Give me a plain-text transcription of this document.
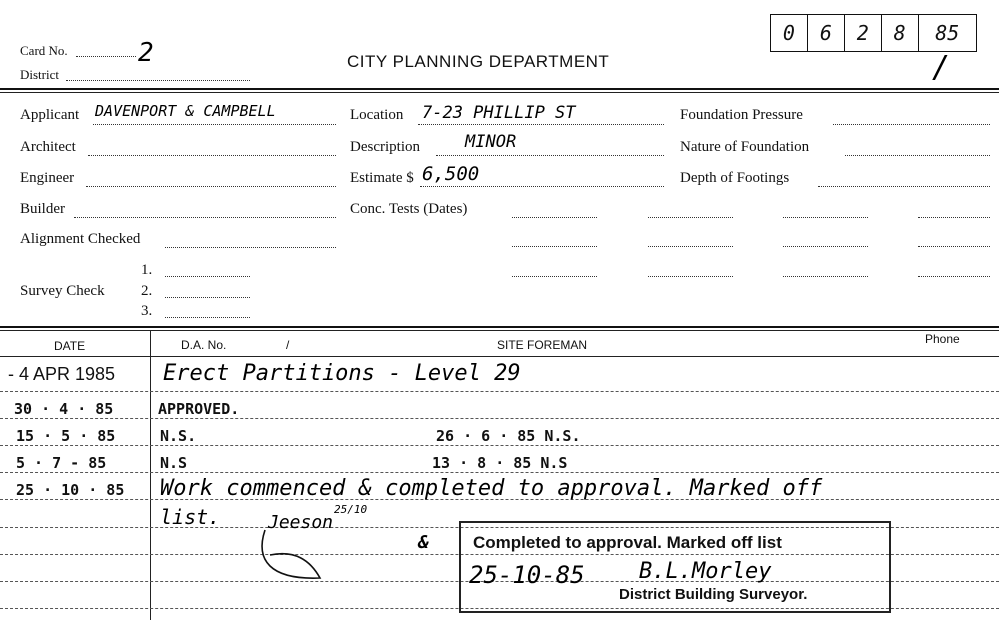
Card No.	2
District
CITY PLANNING DEPARTMENT
0	6	2	8	85
/
Applicant DAVENPORT & CAMPBELL
Architect
Engineer
Builder
Alignment Checked
Survey Check
1.
2.
3.
Location 7-23 PHILLIP ST
Description	MINOR
Estimate $ 6,500
Conc. Tests (Dates)
Foundation Pressure
Nature of Foundation
Depth of Footings
DATE	D.A. No.	/	SITE FOREMAN	Phone
- 4 APR 1985 Erect Partitions - Level 29
30 · 4 · 85	APPROVED.
15 · 5 · 85	N.S.	26 · 6 · 85 N.S.
5 · 7 - 85	N.S	13 · 8 · 85 N.S
25 · 10 · 85 Work commenced & completed to approval. Marked off
list.	Jeeson
25/10
&	Completed to approval. Marked off list
25-10-85 B.L.Morley
District Building Surveyor.
